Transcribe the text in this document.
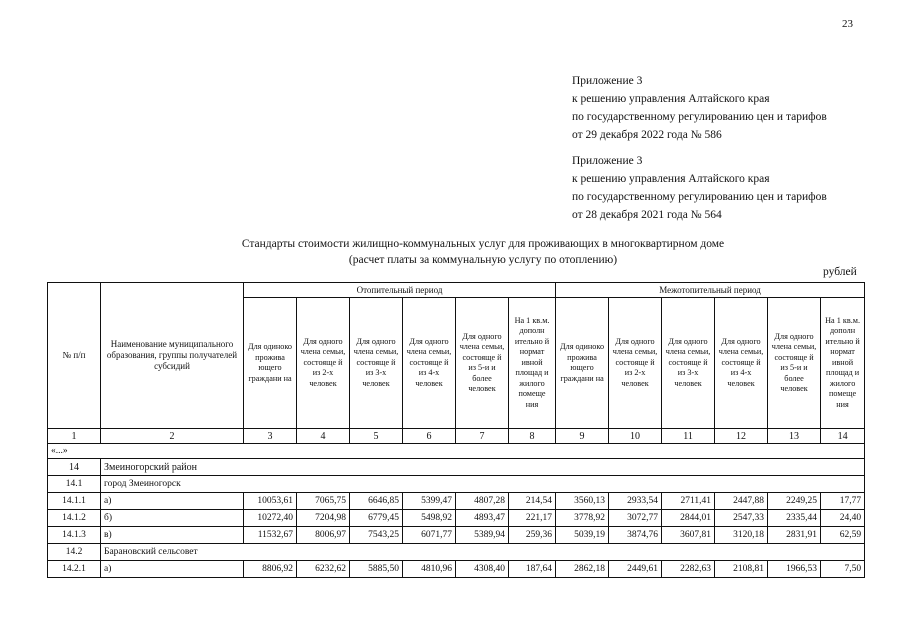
23
Приложение 3
к решению управления Алтайского края
по государственному регулированию цен и тарифов
от 29 декабря 2022 года № 586
Приложение 3
к решению управления Алтайского края
по государственному регулированию цен и тарифов
от 28 декабря 2021 года № 564
Стандарты стоимости жилищно-коммунальных услуг для проживающих в многоквартирном доме
(расчет платы за коммунальную услугу по отоплению)
рублей
№ п/п	Наименование муниципального образования, группы получателей субсидий	Отопительный период						Межотопительный период					
		Для одиноко прожива ющего граждани на	Для одного члена семьи, состояще й из 2-х человек	Для одного члена семьи, состояще й из 3-х человек	Для одного члена семьи, состояще й из 4-х человек	Для одного члена семьи, состояще й из 5-и и более человек	На 1 кв.м. дополн ительно й нормат ивной площад и жилого помеще ния	Для одиноко прожива ющего граждани на	Для одного члена семьи, состояще й из 2-х человек	Для одного члена семьи, состояще й из 3-х человек	Для одного члена семьи, состояще й из 4-х человек	Для одного члена семьи, состояще й из 5-и и более человек	На 1 кв.м. дополн ительно й нормат ивной площад и жилого помеще ния
1	2	3	4	5	6	7	8	9	10	11	12	13	14
«...»													
14	Змеиногорский район												
14.1	город Змеиногорск												
14.1.1	а)	10053,61	7065,75	6646,85	5399,47	4807,28	214,54	3560,13	2933,54	2711,41	2447,88	2249,25	17,77
14.1.2	б)	10272,40	7204,98	6779,45	5498,92	4893,47	221,17	3778,92	3072,77	2844,01	2547,33	2335,44	24,40
14.1.3	в)	11532,67	8006,97	7543,25	6071,77	5389,94	259,36	5039,19	3874,76	3607,81	3120,18	2831,91	62,59
14.2	Барановский сельсовет												
14.2.1	а)	8806,92	6232,62	5885,50	4810,96	4308,40	187,64	2862,18	2449,61	2282,63	2108,81	1966,53	7,50
